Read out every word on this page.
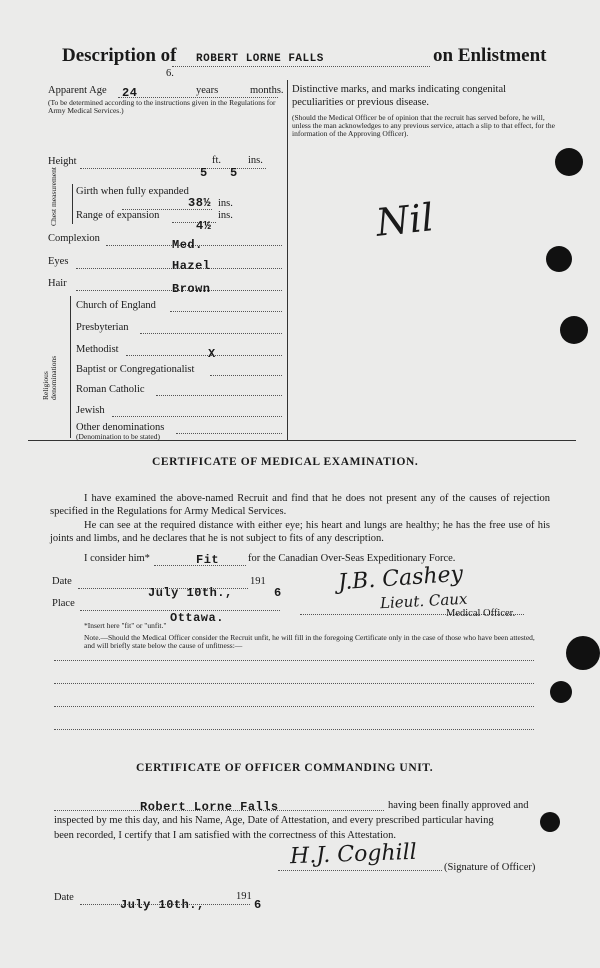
Description of ROBERT LORNE FALLS
6.
on Enlistment
Apparent Age 24	years	months.
(To be determined according to the instructions given in the Regulations for Army Medical Services.)
Height	ft.	ins.
5 5
Chest measurement Girth when fully expanded
38½ ins.
Range of expansion	ins.
4½
Complexion	Med.
Eyes	Hazel
Hair	Brown
Religious denominations
Church of England
Presbyterian
Methodist	X
Baptist or Congregationalist
Roman Catholic
Jewish
Other denominations
(Denomination to be stated)
Distinctive marks, and marks indicating congenital peculiarities or previous disease.
(Should the Medical Officer be of opinion that the recruit has served before, he will, unless the man acknowledges to any previous service, attach a slip to that effect, for the information of the Approving Officer).
Nil
CERTIFICATE OF MEDICAL EXAMINATION.
I have examined the above-named Recruit and find that he does not present any of the causes of rejection specified in the Regulations for Army Medical Services.
He can see at the required distance with either eye; his heart and lungs are healthy; he has the free use of his joints and limbs, and he declares that he is not subject to fits of any description.
I consider him*	Fit	for the Canadian Over-Seas Expeditionary Force.
Date
July 10th.,
191
6
Place
Ottawa.
*Insert here "fit" or "unfit."
J.B. Cashey
Lieut. Caux
Medical Officer.
Note.—Should the Medical Officer consider the Recruit unfit, he will fill in the foregoing Certificate only in the case of those who have been attested, and will briefly state below the cause of unfitness:—
CERTIFICATE OF OFFICER COMMANDING UNIT.
Robert Lorne Falls	having been finally approved and
inspected by me this day, and his Name, Age, Date of Attestation, and every prescribed particular having
been recorded, I certify that I am satisfied with the correctness of this Attestation.
H.J. Coghill	(Signature of Officer)
Date
July 10th.,
191
6
